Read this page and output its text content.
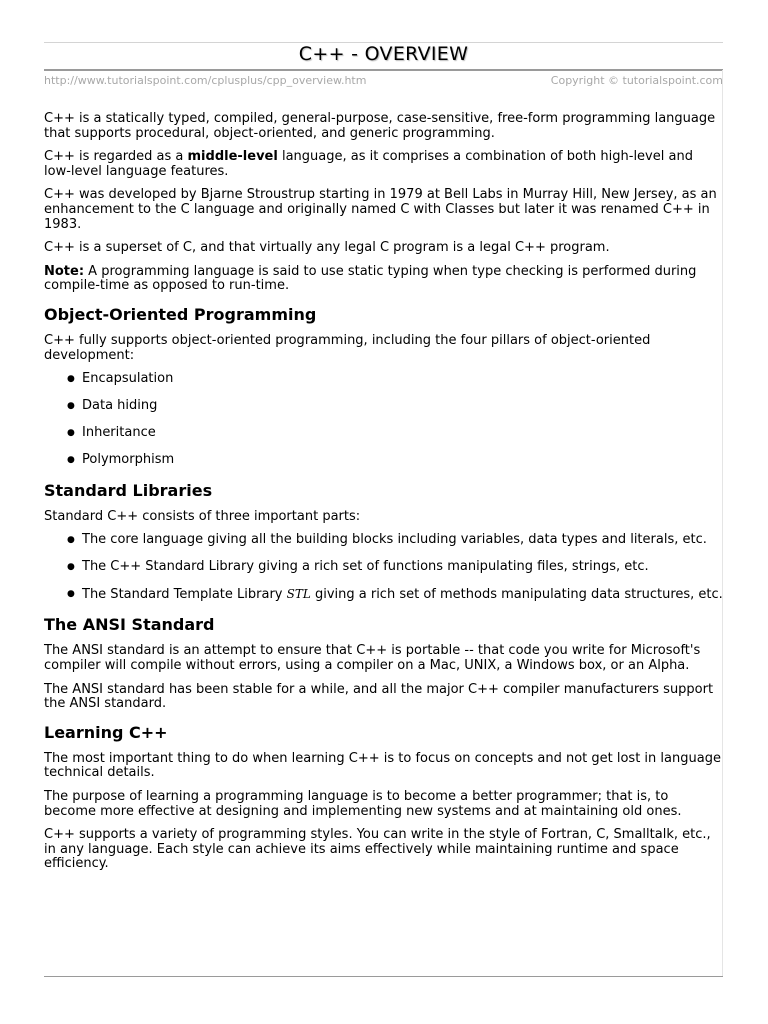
C++ - OVERVIEW
http://www.tutorialspoint.com/cplusplus/cpp_overview.htm	Copyright © tutorialspoint.com

C++ is a statically typed, compiled, general-purpose, case-sensitive, free-form programming language that supports procedural, object-oriented, and generic programming.

C++ is regarded as a middle-level language, as it comprises a combination of both high-level and low-level language features.

C++ was developed by Bjarne Stroustrup starting in 1979 at Bell Labs in Murray Hill, New Jersey, as an enhancement to the C language and originally named C with Classes but later it was renamed C++ in 1983.

C++ is a superset of C, and that virtually any legal C program is a legal C++ program.

Note: A programming language is said to use static typing when type checking is performed during compile-time as opposed to run-time.

Object-Oriented Programming

C++ fully supports object-oriented programming, including the four pillars of object-oriented development:

● Encapsulation
● Data hiding
● Inheritance
● Polymorphism
Standard Libraries

Standard C++ consists of three important parts:

● The core language giving all the building blocks including variables, data types and literals, etc.
● The C++ Standard Library giving a rich set of functions manipulating files, strings, etc.
● The Standard Template Library STL giving a rich set of methods manipulating data structures, etc.
The ANSI Standard

The ANSI standard is an attempt to ensure that C++ is portable -- that code you write for Microsoft's compiler will compile without errors, using a compiler on a Mac, UNIX, a Windows box, or an Alpha.

The ANSI standard has been stable for a while, and all the major C++ compiler manufacturers support the ANSI standard.

Learning C++

The most important thing to do when learning C++ is to focus on concepts and not get lost in language technical details.

The purpose of learning a programming language is to become a better programmer; that is, to become more effective at designing and implementing new systems and at maintaining old ones.

C++ supports a variety of programming styles. You can write in the style of Fortran, C, Smalltalk, etc., in any language. Each style can achieve its aims effectively while maintaining runtime and space efficiency.
